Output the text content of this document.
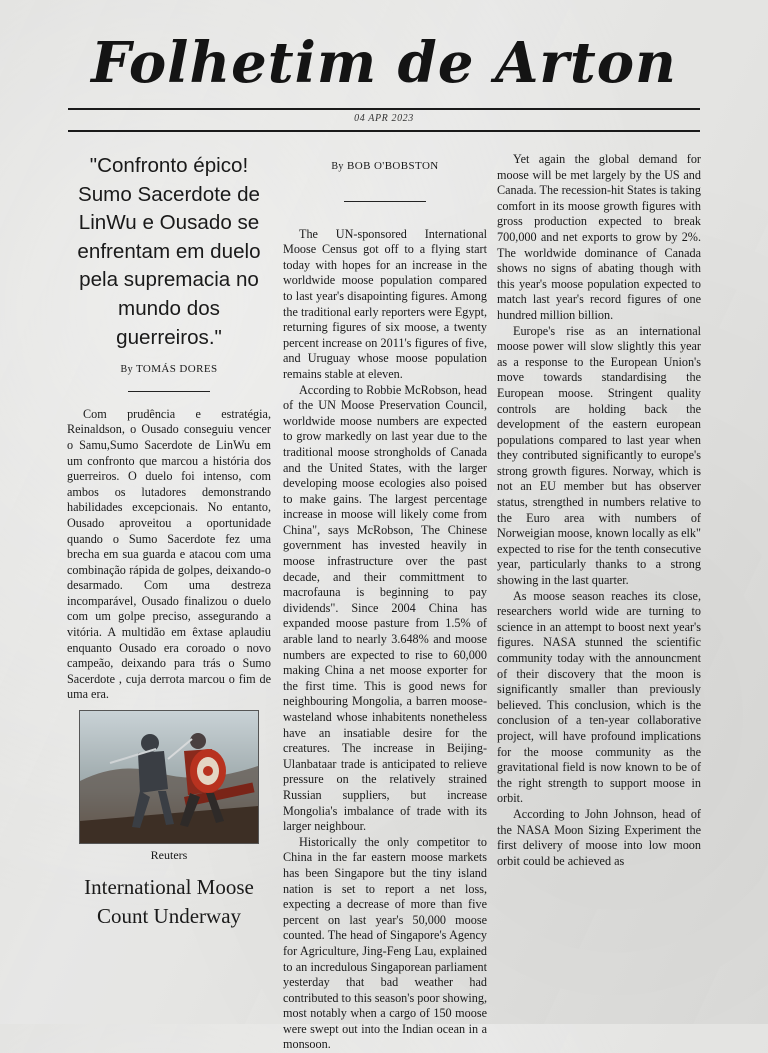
Folhetim de Arton
04 APR 2023
"Confronto épico! Sumo Sacerdote de LinWu e Ousado se enfrentam em duelo pela supremacia no mundo dos guerreiros."

By TOMÁS DORES

Com prudência e estratégia, Reinaldson, o Ousado conseguiu vencer o Samu,Sumo Sacerdote de LinWu em um confronto que marcou a história dos guerreiros. O duelo foi intenso, com ambos os lutadores demonstrando habilidades excepcionais. No entanto, Ousado aproveitou a oportunidade quando o Sumo Sacerdote fez uma brecha em sua guarda e atacou com uma combinação rápida de golpes, deixando-o desarmado. Com uma destreza incomparável, Ousado finalizou o duelo com um golpe preciso, assegurando a vitória. A multidão em êxtase aplaudiu enquanto Ousado era coroado o novo campeão, deixando para trás o Sumo Sacerdote , cuja derrota marcou o fim de uma era.

Reuters

International Moose Count Underway

By BOB O'BOBSTON

The UN-sponsored International Moose Census got off to a flying start today with hopes for an increase in the worldwide moose population compared to last year's disapointing figures. Among the traditional early reporters were Egypt, returning figures of six moose, a twenty percent increase on 2011's figures of five, and Uruguay whose moose population remains stable at eleven.

According to Robbie McRobson, head of the UN Moose Preservation Council, worldwide moose numbers are expected to grow markedly on last year due to the traditional moose strongholds of Canada and the United States, with the larger developing moose ecologies also poised to make gains. The largest percentage increase in moose will likely come from China", says McRobson, The Chinese government has invested heavily in moose infrastructure over the past decade, and their committment to macrofauna is beginning to pay dividends". Since 2004 China has expanded moose pasture from 1.5% of arable land to nearly 3.648% and moose numbers are expected to rise to 60,000 making China a net moose exporter for the first time. This is good news for neighbouring Mongolia, a barren moose-wasteland whose inhabitents nonetheless have an insatiable desire for the creatures. The increase in Beijing-Ulanbataar trade is anticipated to relieve pressure on the relatively strained Russian suppliers, but increase Mongolia's imbalance of trade with its larger neighbour.

Historically the only competitor to China in the far eastern moose markets has been Singapore but the tiny island nation is set to report a net loss, expecting a decrease of more than five percent on last year's 50,000 moose counted. The head of Singapore's Agency for Agriculture, Jing-Feng Lau, explained to an incredulous Singaporean parliament yesterday that bad weather had contributed to this season's poor showing, most notably when a cargo of 150 moose were swept out into the Indian ocean in a monsoon.

Yet again the global demand for moose will be met largely by the US and Canada. The recession-hit States is taking comfort in its moose growth figures with gross production expected to break 700,000 and net exports to grow by 2%. The worldwide dominance of Canada shows no signs of abating though with this year's moose population expected to match last year's record figures of one hundred million billion.

Europe's rise as an international moose power will slow slightly this year as a response to the European Union's move towards standardising the European moose. Stringent quality controls are holding back the development of the eastern european populations compared to last year when they contributed significantly to europe's strong growth figures. Norway, which is not an EU member but has observer status, strengthed in numbers relative to the Euro area with numbers of Norweigian moose, known locally as elk" expected to rise for the tenth consecutive year, particularly thanks to a strong showing in the last quarter.

As moose season reaches its close, researchers world wide are turning to science in an attempt to boost next year's figures. NASA stunned the scientific community today with the announcment of their discovery that the moon is significantly smaller than previously believed. This conclusion, which is the conclusion of a ten-year collaborative project, will have profound implications for the moose community as the gravitational field is now known to be of the right strength to support moose in orbit.

According to John Johnson, head of the NASA Moon Sizing Experiment the first delivery of moose into low moon orbit could be achieved as
